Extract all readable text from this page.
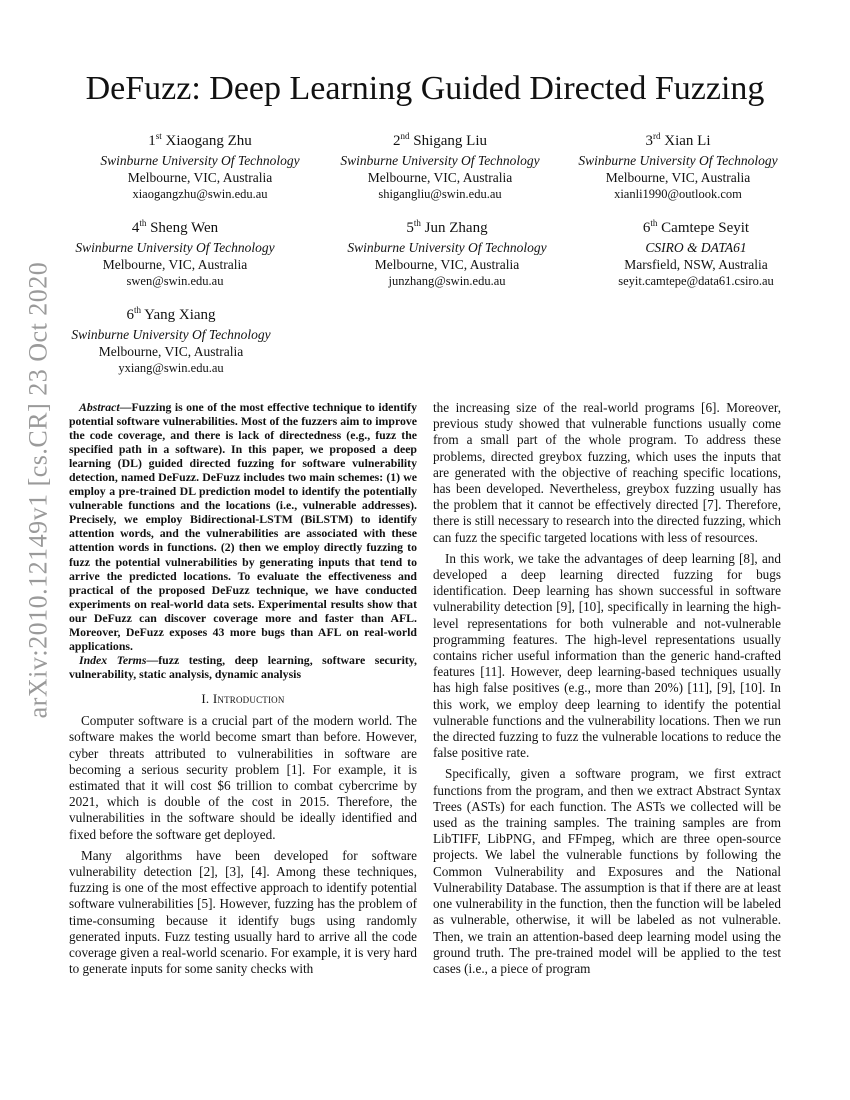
arXiv:2010.12149v1 [cs.CR] 23 Oct 2020
DeFuzz: Deep Learning Guided Directed Fuzzing
1st Xiaogang Zhu
Swinburne University Of Technology
Melbourne, VIC, Australia
xiaogangzhu@swin.edu.au
2nd Shigang Liu
Swinburne University Of Technology
Melbourne, VIC, Australia
shigangliu@swin.edu.au
3rd Xian Li
Swinburne University Of Technology
Melbourne, VIC, Australia
xianli1990@outlook.com
4th Sheng Wen
Swinburne University Of Technology
Melbourne, VIC, Australia
swen@swin.edu.au
5th Jun Zhang
Swinburne University Of Technology
Melbourne, VIC, Australia
junzhang@swin.edu.au
6th Camtepe Seyit
CSIRO & DATA61
Marsfield, NSW, Australia
seyit.camtepe@data61.csiro.au
6th Yang Xiang
Swinburne University Of Technology
Melbourne, VIC, Australia
yxiang@swin.edu.au

Abstract—Fuzzing is one of the most effective technique to identify potential software vulnerabilities. Most of the fuzzers aim to improve the code coverage, and there is lack of directedness (e.g., fuzz the specified path in a software). In this paper, we proposed a deep learning (DL) guided directed fuzzing for software vulnerability detection, named DeFuzz. DeFuzz includes two main schemes: (1) we employ a pre-trained DL prediction model to identify the potentially vulnerable functions and the locations (i.e., vulnerable addresses). Precisely, we employ Bidirectional-LSTM (BiLSTM) to identify attention words, and the vulnerabilities are associated with these attention words in functions. (2) then we employ directly fuzzing to fuzz the potential vulnerabilities by generating inputs that tend to arrive the predicted locations. To evaluate the effectiveness and practical of the proposed DeFuzz technique, we have conducted experiments on real-world data sets. Experimental results show that our DeFuzz can discover coverage more and faster than AFL. Moreover, DeFuzz exposes 43 more bugs than AFL on real-world applications.

Index Terms—fuzz testing, deep learning, software security, vulnerability, static analysis, dynamic analysis

I. Introduction

Computer software is a crucial part of the modern world. The software makes the world become smart than before. However, cyber threats attributed to vulnerabilities in software are becoming a serious security problem [1]. For example, it is estimated that it will cost $6 trillion to combat cybercrime by 2021, which is double of the cost in 2015. Therefore, the vulnerabilities in the software should be ideally identified and fixed before the software get deployed.

Many algorithms have been developed for software vulnerability detection [2], [3], [4]. Among these techniques, fuzzing is one of the most effective approach to identify potential software vulnerabilities [5]. However, fuzzing has the problem of time-consuming because it identify bugs using randomly generated inputs. Fuzz testing usually hard to arrive all the code coverage given a real-world scenario. For example, it is very hard to generate inputs for some sanity checks with

the increasing size of the real-world programs [6]. Moreover, previous study showed that vulnerable functions usually come from a small part of the whole program. To address these problems, directed greybox fuzzing, which uses the inputs that are generated with the objective of reaching specific locations, has been developed. Nevertheless, greybox fuzzing usually has the problem that it cannot be effectively directed [7]. Therefore, there is still necessary to research into the directed fuzzing, which can fuzz the specific targeted locations with less of resources.

In this work, we take the advantages of deep learning [8], and developed a deep learning directed fuzzing for bugs identification. Deep learning has shown successful in software vulnerability detection [9], [10], specifically in learning the high-level representations for both vulnerable and not-vulnerable programming features. The high-level representations usually contains richer useful information than the generic hand-crafted features [11]. However, deep learning-based techniques usually has high false positives (e.g., more than 20%) [11], [9], [10]. In this work, we employ deep learning to identify the potential vulnerable functions and the vulnerability locations. Then we run the directed fuzzing to fuzz the vulnerable locations to reduce the false positive rate.

Specifically, given a software program, we first extract functions from the program, and then we extract Abstract Syntax Trees (ASTs) for each function. The ASTs we collected will be used as the training samples. The training samples are from LibTIFF, LibPNG, and FFmpeg, which are three open-source projects. We label the vulnerable functions by following the Common Vulnerability and Exposures and the National Vulnerability Database. The assumption is that if there are at least one vulnerability in the function, then the function will be labeled as vulnerable, otherwise, it will be labeled as not vulnerable. Then, we train an attention-based deep learning model using the ground truth. The pre-trained model will be applied to the test cases (i.e., a piece of program
